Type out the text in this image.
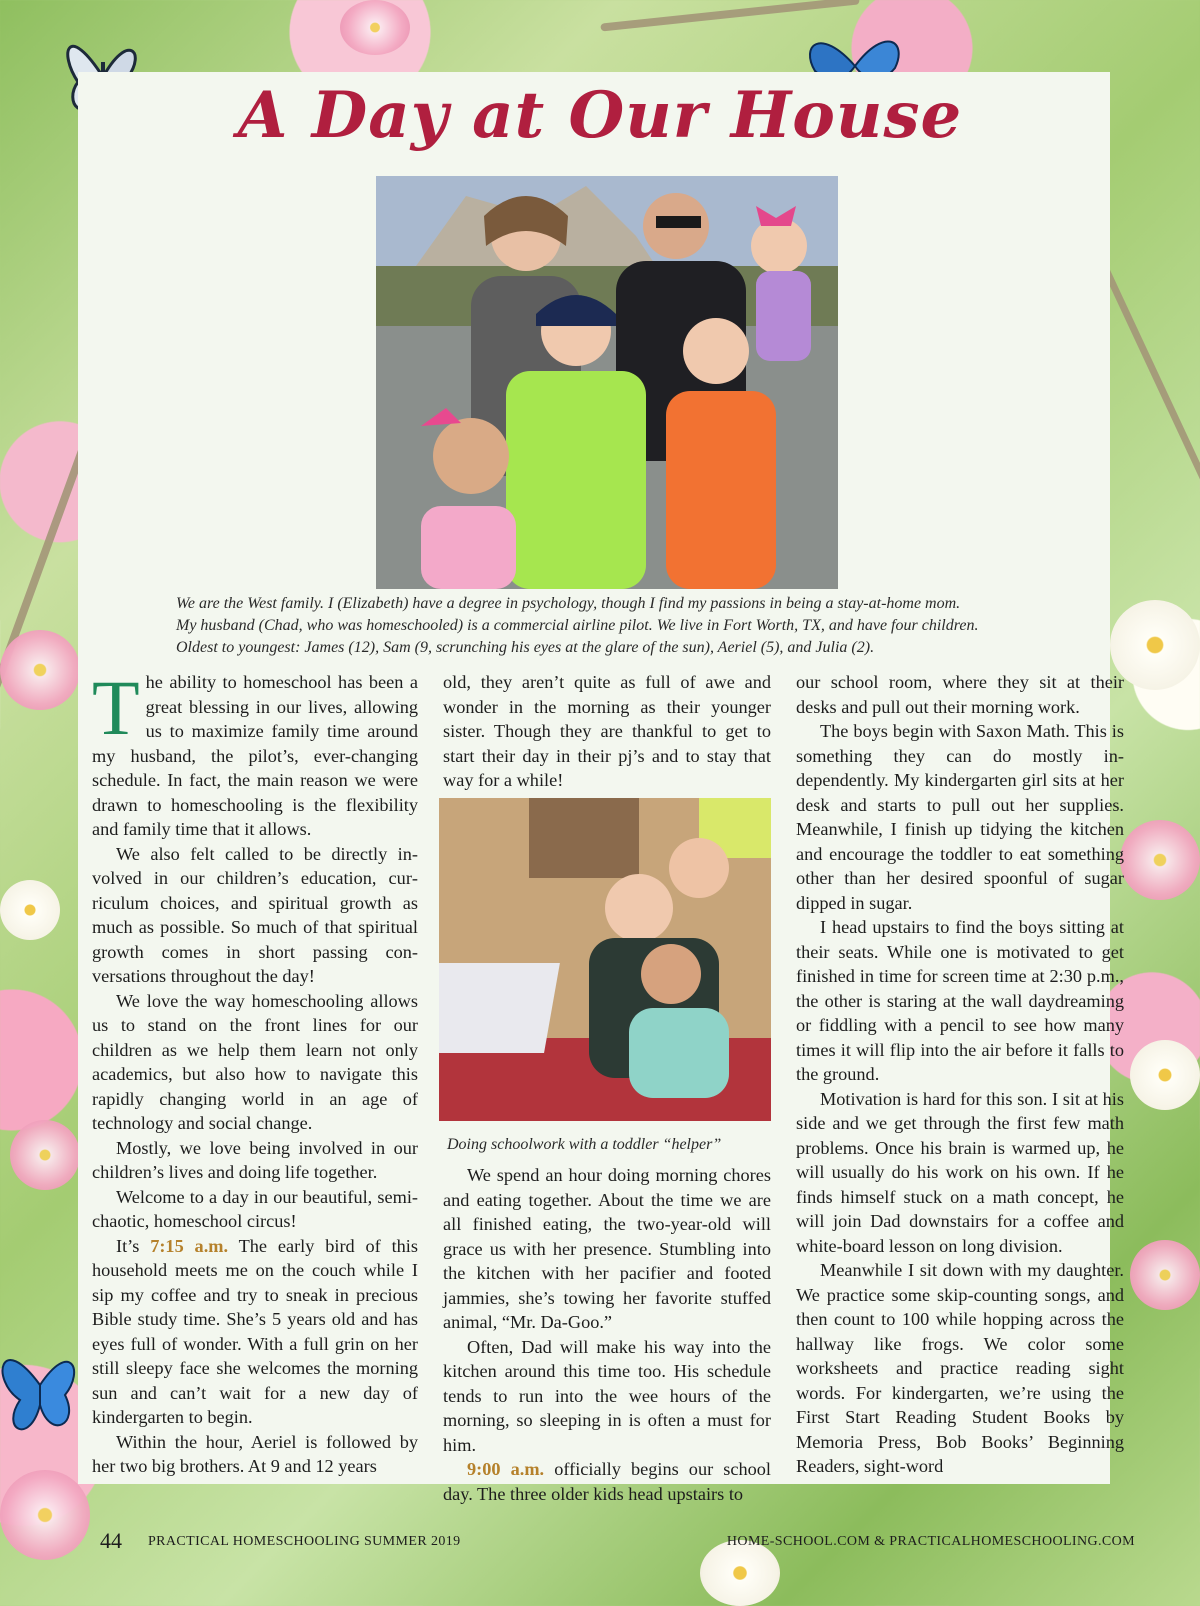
A Day at Our House
We are the West family. I (Elizabeth) have a degree in psychology, though I find my passions in being a stay-at-home mom.
My husband (Chad, who was homeschooled) is a commercial airline pilot. We live in Fort Worth, TX, and have four children.
Oldest to youngest: James (12), Sam (9, scrunching his eyes at the glare of the sun), Aeriel (5), and Julia (2).

The ability to homeschool has been a great blessing in our lives, allowing us to maximize family time around my husband, the pilot’s, ever-changing schedule. In fact, the main reason we were drawn to homeschooling is the flexibility and family time that it allows.

We also felt called to be directly involved in our children’s education, curriculum choices, and spiritual growth as much as possible. So much of that spiritual growth comes in short passing conversations throughout the day!

We love the way homeschooling allows us to stand on the front lines for our children as we help them learn not only academics, but also how to navigate this rapidly changing world in an age of technology and social change.

Mostly, we love being involved in our children’s lives and doing life together.

Welcome to a day in our beautiful, semi-chaotic, homeschool circus!

It’s 7:15 a.m. The early bird of this household meets me on the couch while I sip my coffee and try to sneak in precious Bible study time. She’s 5 years old and has eyes full of wonder. With a full grin on her still sleepy face she welcomes the morning sun and can’t wait for a new day of kindergarten to begin.

Within the hour, Aeriel is followed by her two big brothers. At 9 and 12 years

old, they aren’t quite as full of awe and wonder in the morning as their younger sister. Though they are thankful to get to start their day in their pj’s and to stay that way for a while!

Doing schoolwork with a toddler “helper”

We spend an hour doing morning chores and eating together. About the time we are all finished eating, the two-year-old will grace us with her presence. Stumbling into the kitchen with her pacifier and footed jammies, she’s towing her favorite stuffed animal, “Mr. Da-Goo.”

Often, Dad will make his way into the kitchen around this time too. His schedule tends to run into the wee hours of the morning, so sleeping in is often a must for him.

9:00 a.m. officially begins our school day. The three older kids head upstairs to

our school room, where they sit at their desks and pull out their morning work.

The boys begin with Saxon Math. This is something they can do mostly independently. My kindergarten girl sits at her desk and starts to pull out her supplies. Meanwhile, I finish up tidying the kitchen and encourage the toddler to eat something other than her desired spoonful of sugar dipped in sugar.

I head upstairs to find the boys sitting at their seats. While one is motivated to get finished in time for screen time at 2:30 p.m., the other is staring at the wall daydreaming or fiddling with a pencil to see how many times it will flip into the air before it falls to the ground.

Motivation is hard for this son. I sit at his side and we get through the first few math problems. Once his brain is warmed up, he will usually do his work on his own. If he finds himself stuck on a math concept, he will join Dad downstairs for a coffee and white-board lesson on long division.

Meanwhile I sit down with my daughter. We practice some skip-counting songs, and then count to 100 while hopping across the hallway like frogs. We color some worksheets and practice reading sight words. For kindergarten, we’re using the First Start Reading Student Books by Memoria Press, Bob Books’ Beginning Readers, sight-word

44 PRACTICAL HOMESCHOOLING SUMMER 2019	HOME-SCHOOL.COM & PRACTICALHOMESCHOOLING.COM
